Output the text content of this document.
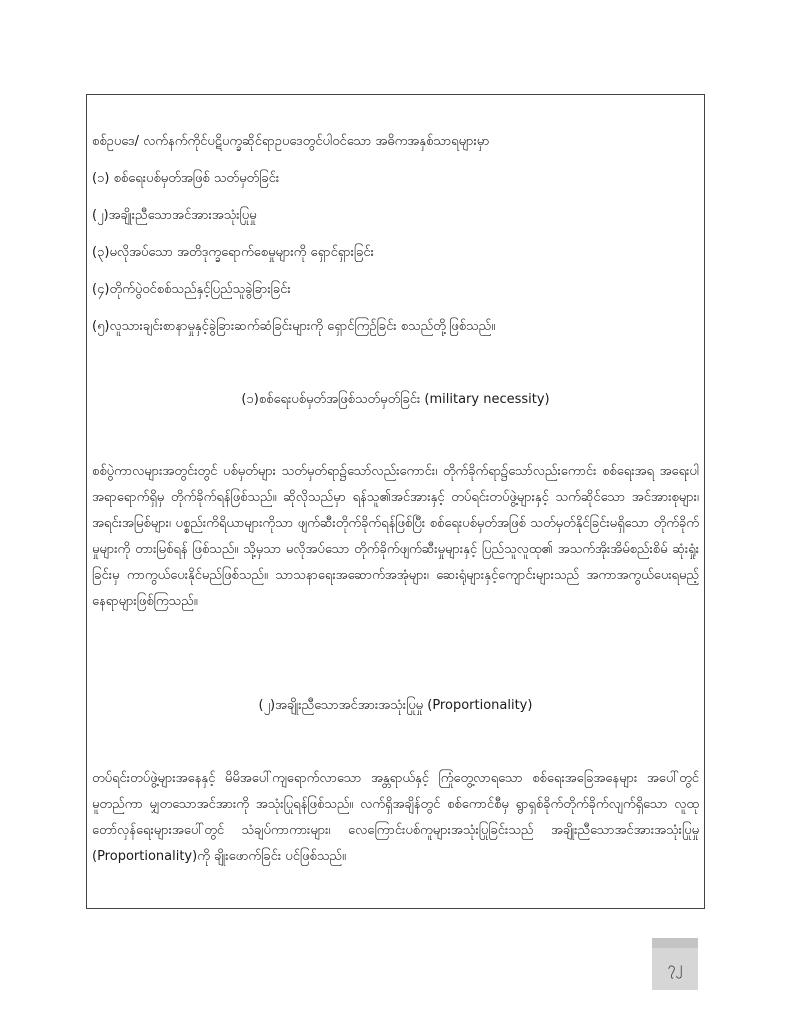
စစ်ဥပဒေ/ လက်နက်ကိုင်ပဋိပက္ခဆိုင်ရာဥပဒေတွင်ပါဝင်သော အဓိကအနှစ်သာရများမှာ
(၁) စစ်ရေးပစ်မှတ်အဖြစ် သတ်မှတ်ခြင်း
(၂)အချိုးညီသောအင်အားအသုံးပြုမှု
(၃)မလိုအပ်သော အတိဒုက္ခရောက်စေမှုများကို ရှောင်ရှားခြင်း
(၄)တိုက်ပွဲဝင်စစ်သည်နှင့်ပြည်သူခွဲခြားခြင်း
(၅)လူသားချင်းစာနာမှုနှင့်ခွဲခြားဆက်ဆံခြင်းများကို ရှောင်ကြဉ်ခြင်း စသည်တို့ဖြစ်သည်။
(၁)စစ်ရေးပစ်မှတ်အဖြစ်သတ်မှတ်ခြင်း (military necessity)
စစ်ပွဲကာလများအတွင်းတွင် ပစ်မှတ်များ သတ်မှတ်ရာ၌သော်လည်းကောင်း၊ တိုက်ခိုက်ရာ၌သော်လည်းကောင်း စစ်ရေးအရ အရေးပါအရာရောက်ရှိမှ တိုက်ခိုက်ရန်ဖြစ်သည်။ ဆိုလိုသည်မှာ ရန်သူ၏အင်အားနှင့် တပ်ရင်းတပ်ဖွဲ့များနှင့် သက်ဆိုင်သော အင်အားစုများ၊ အရင်းအမြစ်များ၊ ပစ္စည်းကိရိယာများကိုသာ ဖျက်ဆီးတိုက်ခိုက်ရန်ဖြစ်ပြီး စစ်ရေးပစ်မှတ်အဖြစ် သတ်မှတ်နိုင်ခြင်းမရှိသော တိုက်ခိုက်မှုများကို တားမြစ်ရန် ဖြစ်သည်။ သို့မှသာ မလိုအပ်သော တိုက်ခိုက်ဖျက်ဆီးမှုများနှင့် ပြည်သူလူထု၏ အသက်အိုးအိမ်စည်းစိမ် ဆုံးရှုံးခြင်းမှ ကာကွယ်ပေးနိုင်မည်ဖြစ်သည်။ သာသနာရေးအဆောက်အအုံများ၊ ဆေးရုံများနှင့်ကျောင်းများသည် အကာအကွယ်ပေးရမည့်နေရာများဖြစ်ကြသည်။
(၂)အချိုးညီသောအင်အားအသုံးပြုမှု (Proportionality)
တပ်ရင်းတပ်ဖွဲ့များအနေနှင့် မိမိအပေါ်ကျရောက်လာသော အန္တရာယ်နှင့် ကြုံတွေ့လာရသော စစ်ရေးအခြေအနေများ အပေါ်တွင်မူတည်ကာ မျှတသောအင်အားကို အသုံးပြုရန်ဖြစ်သည်။ လက်ရှိအချိန်တွင် စစ်ကောင်စီမှ ရွာရှစ်ခိုက်တိုက်ခိုက်လျက်ရှိသော လူထုတော်လှန်ရေးများအပေါ်တွင် သံချပ်ကာကားများ၊ လေကြောင်းပစ်ကူများအသုံးပြုခြင်းသည် အချိုးညီသောအင်အားအသုံးပြုမှု (Proportionality)ကို ချိုးဖောက်ခြင်း ပင်ဖြစ်သည်။
၇၂
